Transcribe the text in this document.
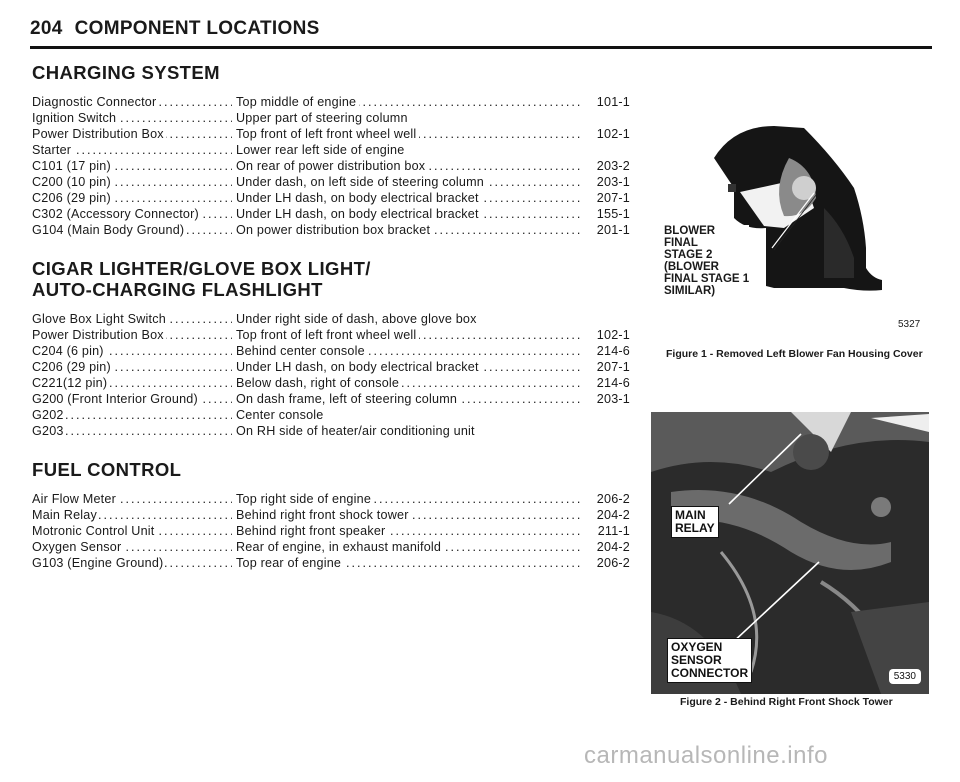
204 COMPONENT LOCATIONS
CHARGING SYSTEM
Diagnostic Connector .....	Top middle of engine .....	101-1
Ignition Switch .....	Upper part of steering column
Power Distribution Box .....	Top front of left front wheel well .....	102-1
Starter .....	Lower rear left side of engine
C101 (17 pin) .....	On rear of power distribution box .....	203-2
C200 (10 pin) .....	Under dash, on left side of steering column .....	203-1
C206 (29 pin) .....	Under LH dash, on body electrical bracket .....	207-1
C302 (Accessory Connector) .....	Under LH dash, on body electrical bracket .....	155-1
G104 (Main Body Ground) .....	On power distribution box bracket .....	201-1
CIGAR LIGHTER/GLOVE BOX LIGHT/
AUTO-CHARGING FLASHLIGHT
Glove Box Light Switch .....	Under right side of dash, above glove box
Power Distribution Box .....	Top front of left front wheel well .....	102-1
C204 (6 pin) .....	Behind center console .....	214-6
C206 (29 pin) .....	Under LH dash, on body electrical bracket .....	207-1
C221(12 pin) .....	Below dash, right of console .....	214-6
G200 (Front Interior Ground) .....	On dash frame, left of steering column .....	203-1
G202 .....	Center console
G203 .....	On RH side of heater/air conditioning unit
FUEL CONTROL
Air Flow Meter .....	Top right side of engine .....	206-2
Main Relay .....	Behind right front shock tower .....	204-2
Motronic Control Unit .....	Behind right front speaker .....	211-1
Oxygen Sensor .....	Rear of engine, in exhaust manifold .....	204-2
G103 (Engine Ground) .....	Top rear of engine .....	206-2
BLOWER
FINAL
STAGE 2
(BLOWER
FINAL STAGE 1
SIMILAR)
5327
Figure 1 - Removed Left Blower Fan Housing Cover
MAIN
RELAY
OXYGEN
SENSOR
CONNECTOR	5330
Figure 2 - Behind Right Front Shock Tower
carmanualsonline.info
